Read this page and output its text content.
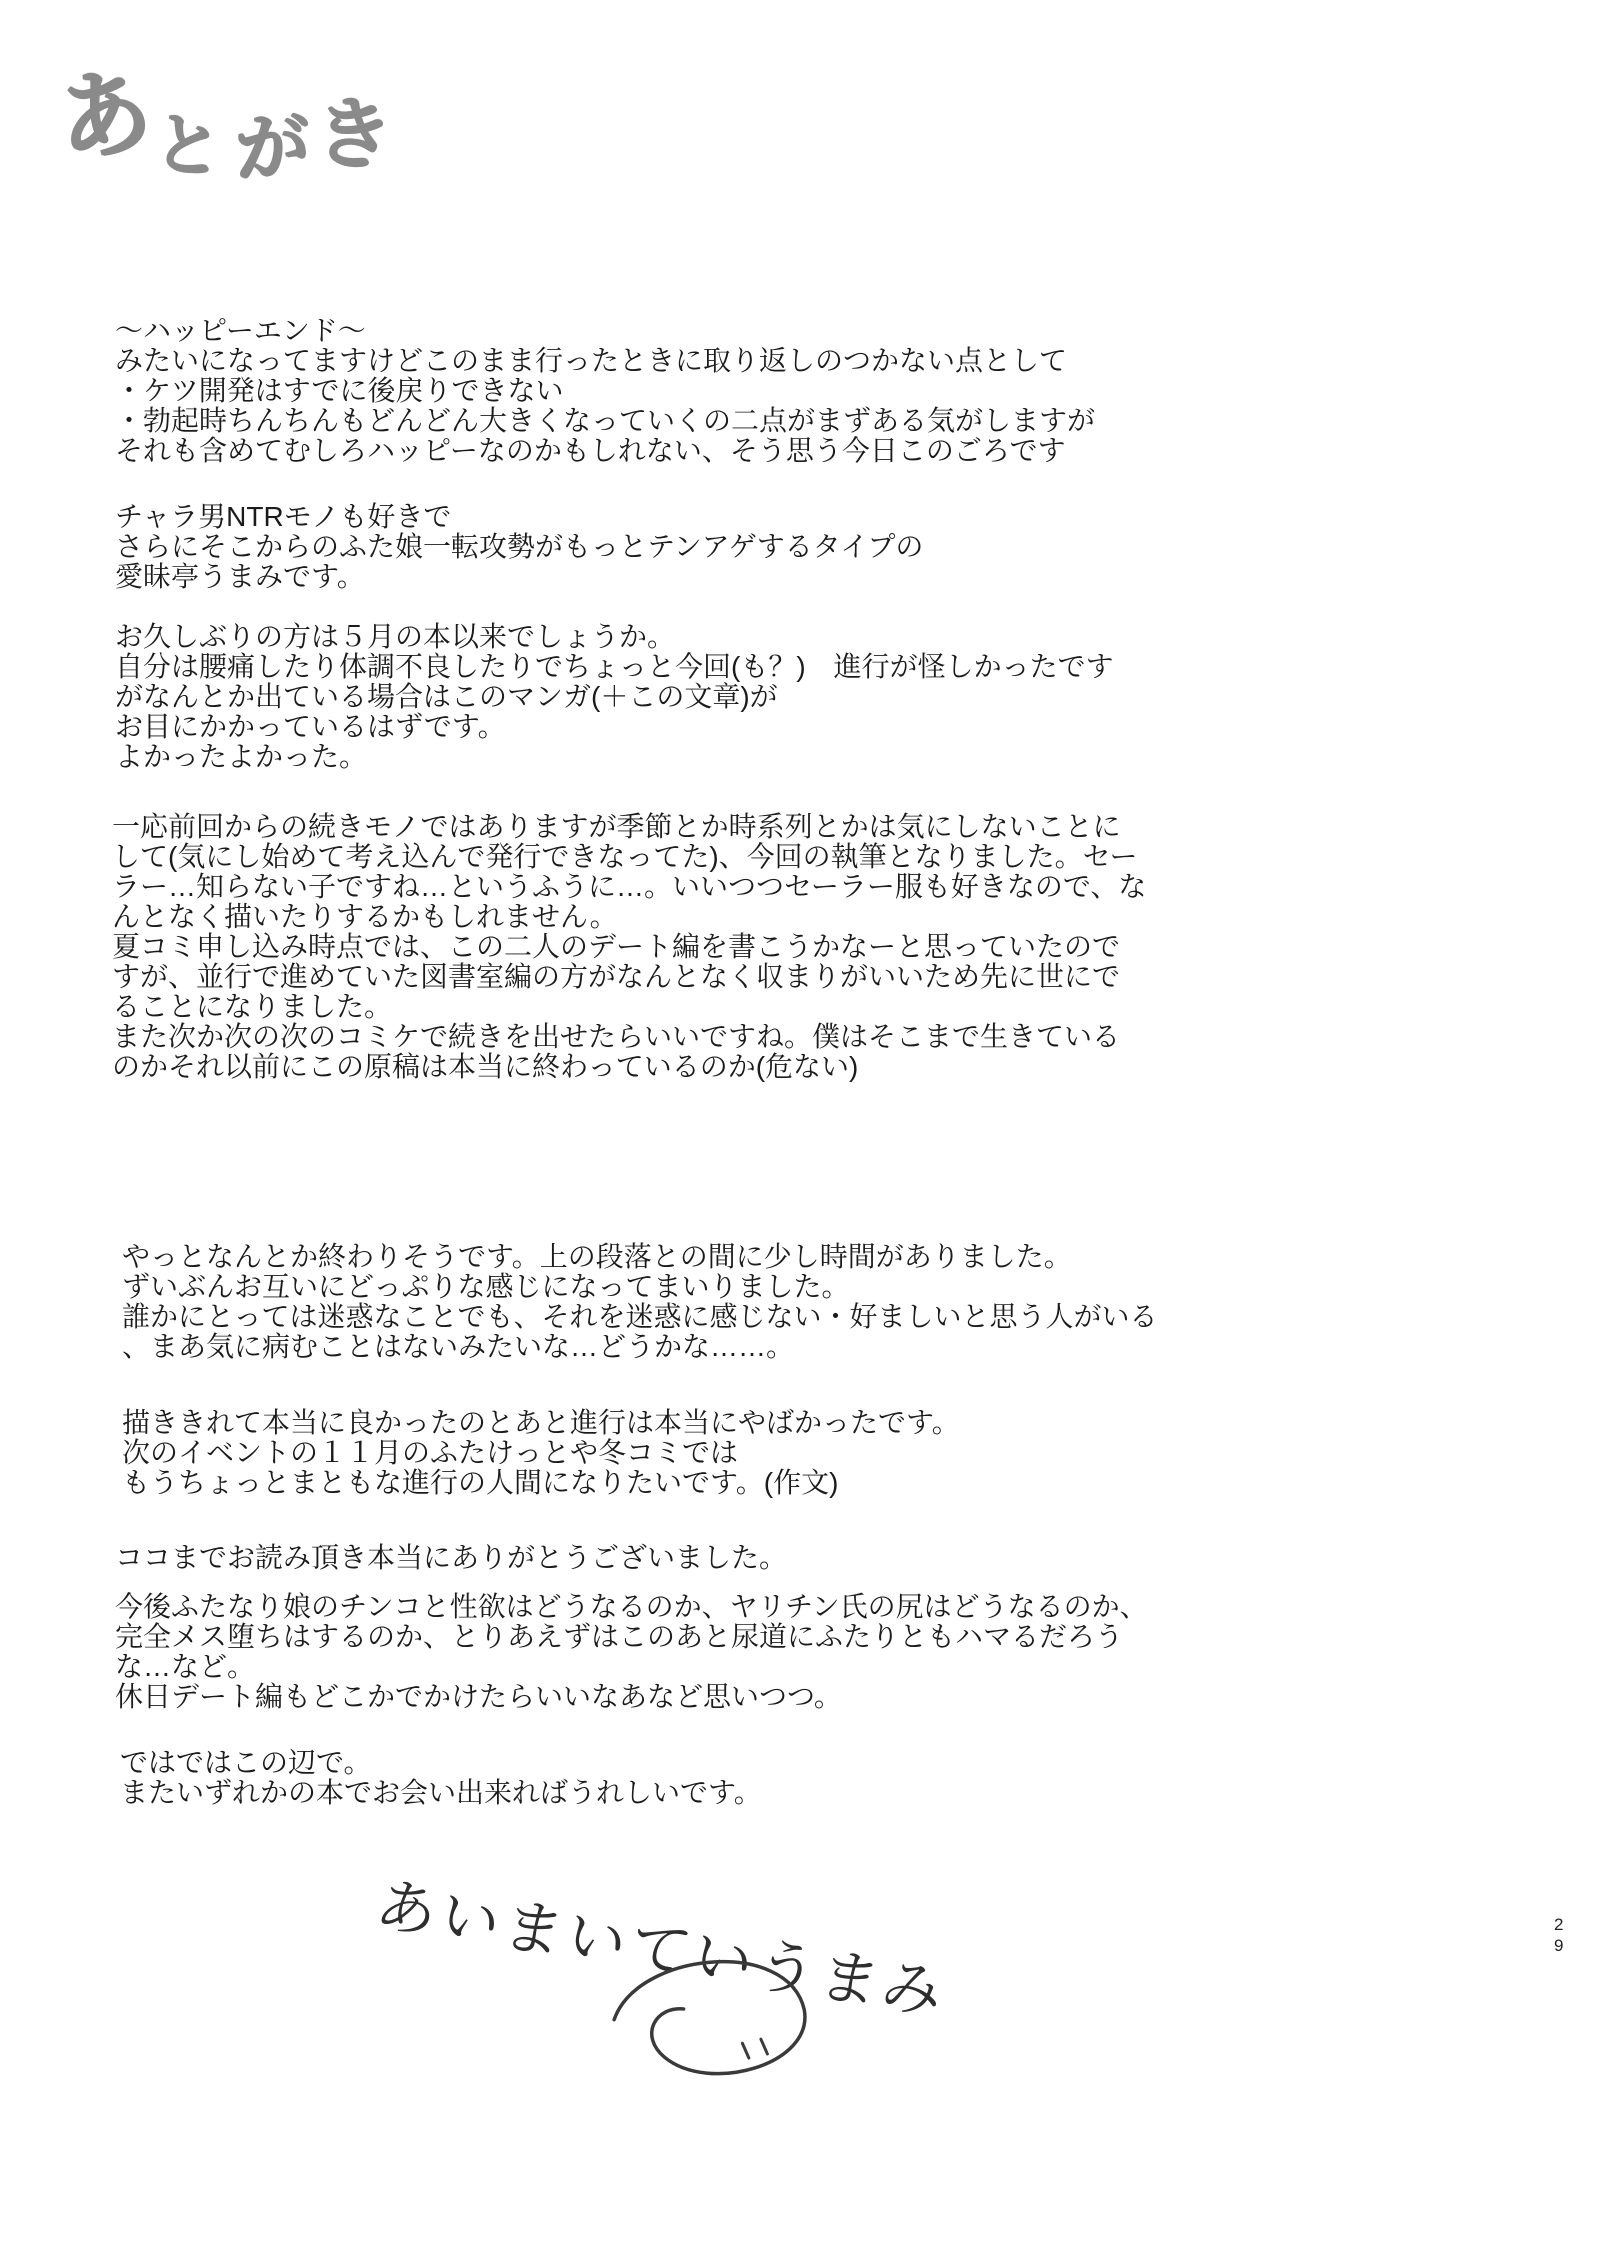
あと がき
～ハッピーエンド～
みたいになってますけどこのまま行ったときに取り返しのつかない点として
・ケツ開発はすでに後戻りできない
・勃起時ちんちんもどんどん大きくなっていくの二点がまずある気がしますが
それも含めてむしろハッピーなのかもしれない、そう思う今日このごろです
チャラ男NTRモノも好きで
さらにそこからのふた娘一転攻勢がもっとテンアゲするタイプの
愛昧亭うまみです。
お久しぶりの方は５月の本以来でしょうか。
自分は腰痛したり体調不良したりでちょっと今回(も？)　進行が怪しかったです
がなんとか出ている場合はこのマンガ(＋この文章)が
お目にかかっているはずです。
よかったよかった。
一応前回からの続きモノではありますが季節とか時系列とかは気にしないことに
して(気にし始めて考え込んで発行できなってた)、今回の執筆となりました。セー
ラー…知らない子ですね…というふうに…。いいつつセーラー服も好きなので、な
んとなく描いたりするかもしれません。
夏コミ申し込み時点では、この二人のデート編を書こうかなーと思っていたので
すが、並行で進めていた図書室編の方がなんとなく収まりがいいため先に世にで
ることになりました。
また次か次の次のコミケで続きを出せたらいいですね。僕はそこまで生きている
のかそれ以前にこの原稿は本当に終わっているのか(危ない)
やっとなんとか終わりそうです。上の段落との間に少し時間がありました。
ずいぶんお互いにどっぷりな感じになってまいりました。
誰かにとっては迷惑なことでも、それを迷惑に感じない・好ましいと思う人がいる
、まあ気に病むことはないみたいな…どうかな……。
描ききれて本当に良かったのとあと進行は本当にやばかったです。
次のイベントの１１月のふたけっとや冬コミでは
もうちょっとまともな進行の人間になりたいです。(作文)
ココまでお読み頂き本当にありがとうございました。
今後ふたなり娘のチンコと性欲はどうなるのか、ヤリチン氏の尻はどうなるのか、
完全メス堕ちはするのか、とりあえずはこのあと尿道にふたりともハマるだろう
な…など。
休日デート編もどこかでかけたらいいなあなど思いつつ。
ではではこの辺で。
またいずれかの本でお会い出来ればうれしいです。
あいまいていうまみ	2
9
